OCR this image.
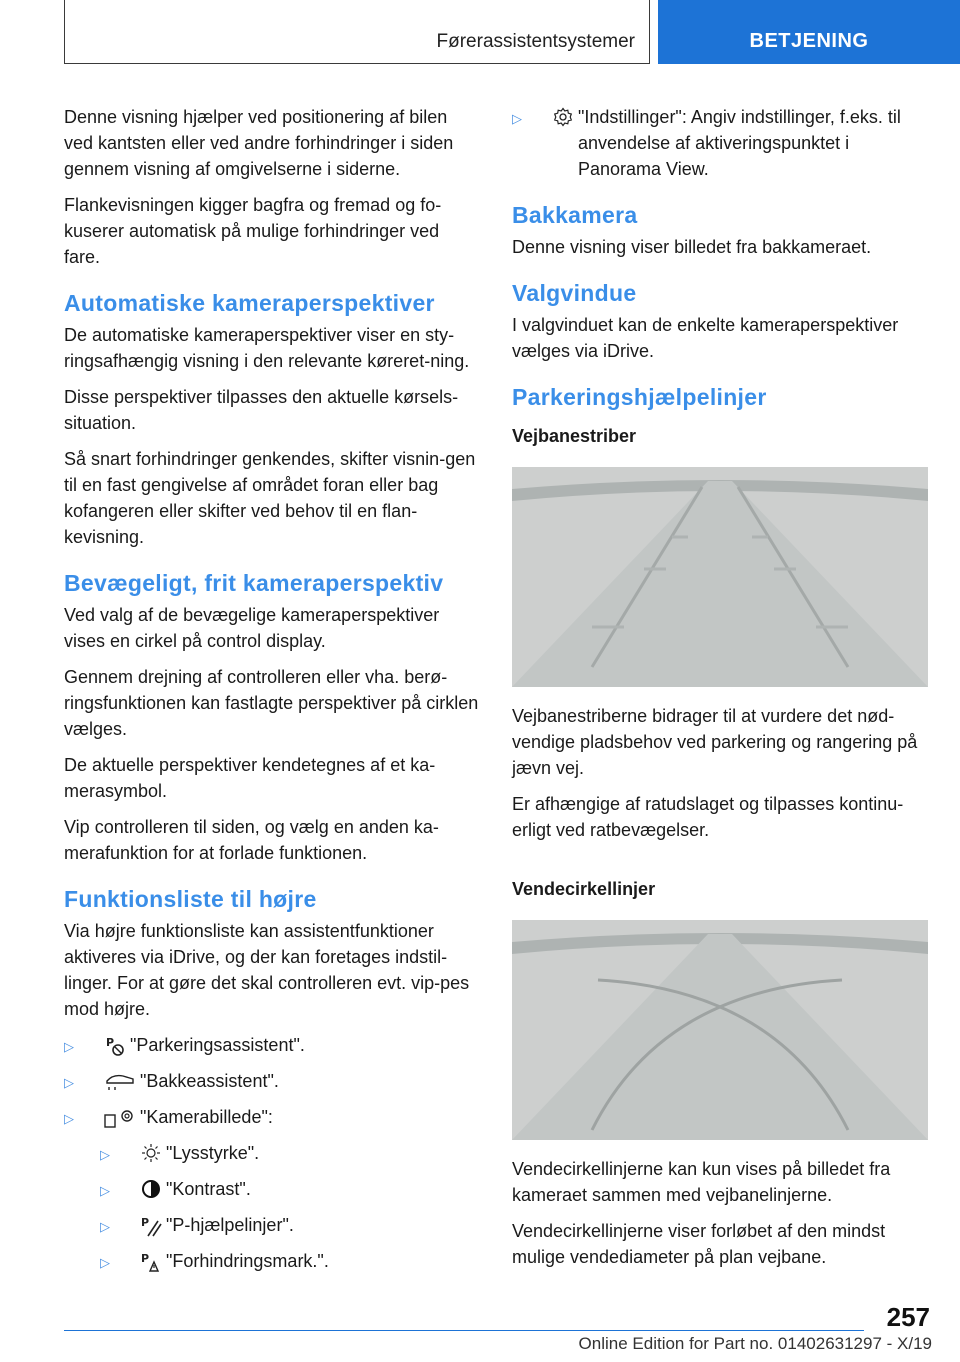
Førerassistentsystemer	BETJENING

Denne visning hjælper ved positionering af bilen ved kantsten eller ved andre forhindringer i siden gennem visning af omgivelserne i siderne.

Flankevisningen kigger bagfra og fremad og fo-kuserer automatisk på mulige forhindringer ved fare.

Automatiske kameraperspektiver

De automatiske kameraperspektiver viser en sty-ringsafhængig visning i den relevante køreret-ning.

Disse perspektiver tilpasses den aktuelle kørsels-situation.

Så snart forhindringer genkendes, skifter visnin-gen til en fast gengivelse af området foran eller bag kofangeren eller skifter ved behov til en flan-kevisning.

Bevægeligt, frit kameraperspektiv

Ved valg af de bevægelige kameraperspektiver vises en cirkel på control display.

Gennem drejning af controlleren eller vha. berø-ringsfunktionen kan fastlagte perspektiver på cirklen vælges.

De aktuelle perspektiver kendetegnes af et ka-merasymbol.

Vip controlleren til siden, og vælg en anden ka-merafunktion for at forlade funktionen.

Funktionsliste til højre

Via højre funktionsliste kan assistentfunktioner aktiveres via iDrive, og der kan foretages indstil-linger. For at gøre det skal controlleren evt. vip-pes mod højre.

▷	P "Parkeringsassistent".
▷	"Bakkeassistent".
▷	"Kamerabillede":
▷	"Lysstyrke".
▷	"Kontrast".
▷	P "P-hjælpelinjer".
▷	P "Forhindringsmark.".
▷	"Indstillinger": Angiv indstillinger, f.eks. til anvendelse af aktiveringspunktet i Panorama View.
Bakkamera

Denne visning viser billedet fra bakkameraet.

Valgvindue

I valgvinduet kan de enkelte kameraperspektiver vælges via iDrive.

Parkeringshjælpelinjer
Vejbanestriber

Vejbanestriberne bidrager til at vurdere det nød-vendige pladsbehov ved parkering og rangering på jævn vej.

Er afhængige af ratudslaget og tilpasses kontinu-erligt ved ratbevægelser.

Vendecirkellinjer

Vendecirkellinjerne kan kun vises på billedet fra kameraet sammen med vejbanelinjerne.

Vendecirkellinjerne viser forløbet af den mindst mulige vendediameter på plan vejbane.

257
Online Edition for Part no. 01402631297 - X/19
